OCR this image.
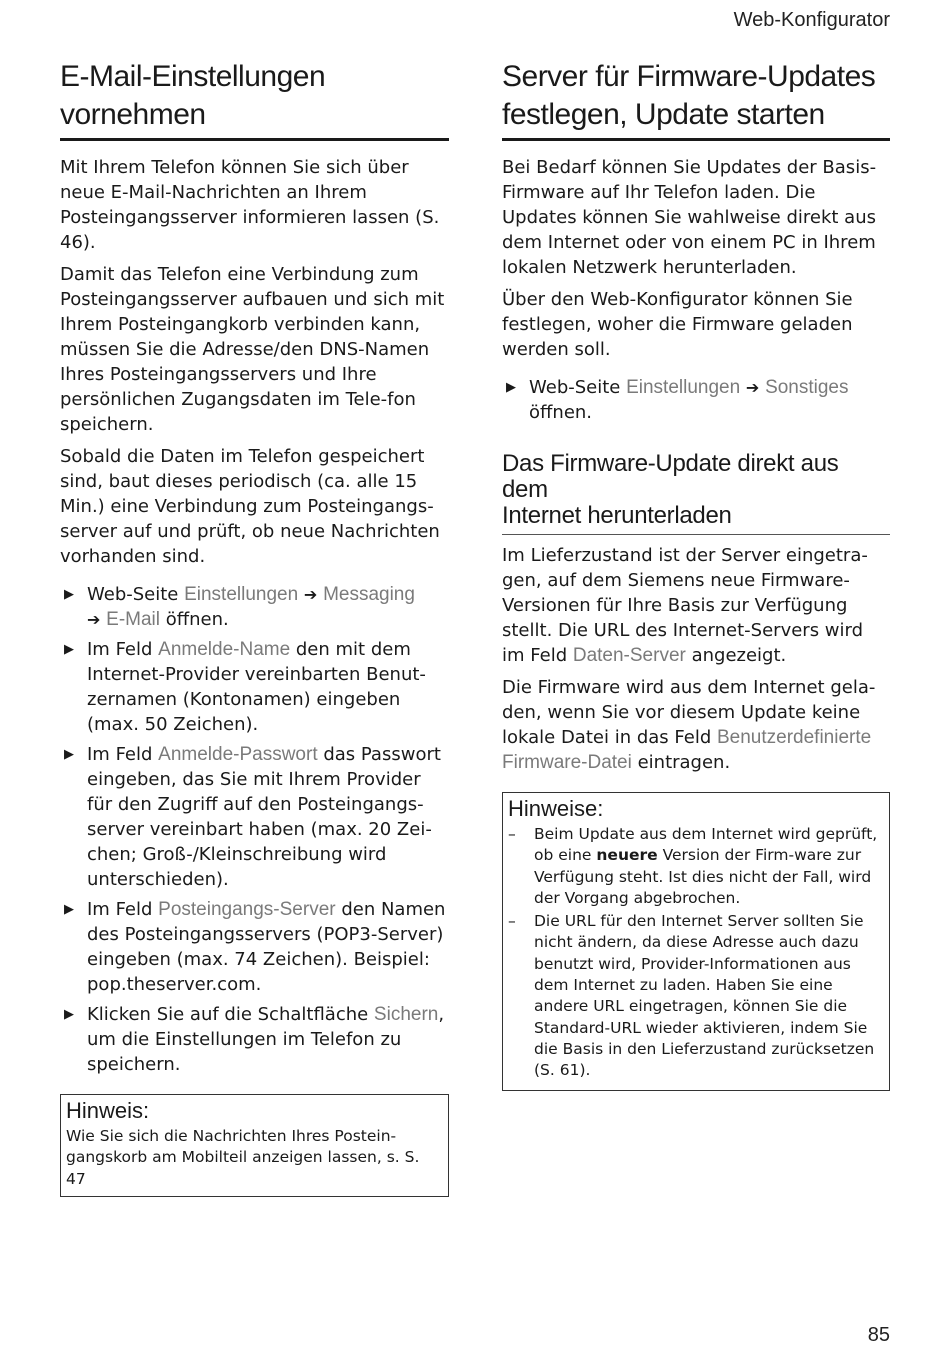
Web-Konfigurator
E-Mail-Einstellungen vornehmen

Mit Ihrem Telefon können Sie sich über neue E-Mail-Nachrichten an Ihrem Posteingangsserver informieren lassen (S. 46).

Damit das Telefon eine Verbindung zum Posteingangsserver aufbauen und sich mit Ihrem Posteingangkorb verbinden kann, müssen Sie die Adresse/den DNS-Namen Ihres Posteingangsservers und Ihre persönlichen Zugangsdaten im Tele-fon speichern.

Sobald die Daten im Telefon gespeichert sind, baut dieses periodisch (ca. alle 15 Min.) eine Verbindung zum Posteingangs-server auf und prüft, ob neue Nachrichten vorhanden sind.

▶ Web-Seite Einstellungen ➔ Messaging
➔ E-Mail öffnen.
▶ Im Feld Anmelde-Name den mit dem Internet-Provider vereinbarten Benut-zernamen (Kontonamen) eingeben (max. 50 Zeichen).
▶ Im Feld Anmelde-Passwort das Passwort eingeben, das Sie mit Ihrem Provider für den Zugriff auf den Posteingangs-server vereinbart haben (max. 20 Zei-chen; Groß-/Kleinschreibung wird unterschieden).
▶ Im Feld Posteingangs-Server den Namen des Posteingangsservers (POP3-Server) eingeben (max. 74 Zeichen). Beispiel: pop.theserver.com.
▶ Klicken Sie auf die Schaltfläche Sichern, um die Einstellungen im Telefon zu speichern.
Hinweis:

Wie Sie sich die Nachrichten Ihres Postein-gangskorb am Mobilteil anzeigen lassen, s. S. 47

Server für Firmware-Updates
festlegen, Update starten

Bei Bedarf können Sie Updates der Basis-Firmware auf Ihr Telefon laden. Die Updates können Sie wahlweise direkt aus dem Internet oder von einem PC in Ihrem lokalen Netzwerk herunterladen.

Über den Web-Konfigurator können Sie festlegen, woher die Firmware geladen werden soll.

▶ Web-Seite Einstellungen ➔ Sonstiges
öffnen.
Das Firmware-Update direkt aus dem
Internet herunterladen

Im Lieferzustand ist der Server eingetra-gen, auf dem Siemens neue Firmware-Versionen für Ihre Basis zur Verfügung stellt. Die URL des Internet-Servers wird im Feld Daten-Server angezeigt.

Die Firmware wird aus dem Internet gela-den, wenn Sie vor diesem Update keine lokale Datei in das Feld Benutzerdefinierte Firmware-Datei eintragen.

Hinweise:
– Beim Update aus dem Internet wird geprüft, ob eine neuere Version der Firm-ware zur Verfügung steht. Ist dies nicht der Fall, wird der Vorgang abgebrochen.
– Die URL für den Internet Server sollten Sie nicht ändern, da diese Adresse auch dazu benutzt wird, Provider-Informationen aus dem Internet zu laden. Haben Sie eine andere URL eingetragen, können Sie die Standard-URL wieder aktivieren, indem Sie die Basis in den Lieferzustand zurücksetzen (S. 61).
85
